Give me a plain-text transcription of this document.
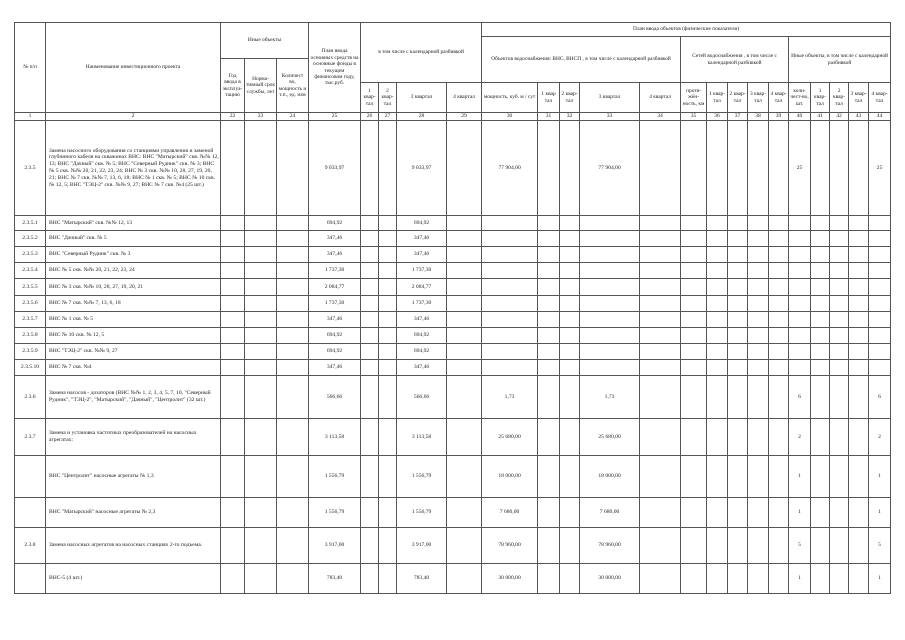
№ п/п	Наименование инвестиционного проекта	Иные объекты			План ввода основных средств на основные фонды в текущем финансовом году, тыс.руб.	в том числе с календарной разбивкой				План ввода объектов (физические показатели)														
										Объектов водоснабжения: ВНС, ВНСП , в том числе с календарной разбивкой					Сетей водоснабжения , в том числе с календарной разбивкой					Иные объекты, в том числе с календарной разбивкой				
		Год ввода в эксплуа-тацию	Норма-тивный срок службы, лет	Количест во, мощность и т.п., ед. изм																				
						1 квар-тал	2 квар-тал	3 квартал	4 квартал	мощность, куб. м / сут	1 квар тал	2 квар-тал	3 квартал	4 квартал	протя-жён-ность, км	1 квар-тал	2 квар-тал	3 квар-тал	4 квар-тал	коли-чест-во, шт.	1 квар-тал	2 квар-тал	3 квар-тал	4 квар-тал
1	2	22	23	24	25	26	27	28	29	30	31	32	33	34	35	36	37	38	39	40	41	42	43	44
2.3.5	Замена насосного оборудования со станциями управления и заменой глубинного кабеля на скважинах ВНС: ВНС "Матырский" скв. №№ 12, 13; ВНС "Дачный" скв. № 5; ВНС "Северный Рудник" скв. № 3; ВНС № 5 скв. №№ 20, 21, 22, 23, 24; ВНС № 3 скв. №№ 10, 28, 27, 19, 20, 21; ВНС № 7 скв. №№ 7, 13, 6, 18; ВНС № 1 скв. № 5; ВНС № 10 скв. № 12, 5; ВНС "ТЭЦ-2" скв. №№ 9, 27; ВНС № 7 скв. №4 (25 шт.)				9 033,97			9 033,97		77 904,00			77 904,00							25				25
2.3.5.1	ВНС "Матырский" скв. №№ 12, 13				694,92			694,92																
2.3.5.2	ВНС "Дачный" скв. № 5				347,46			347,46																
2.3.5.3	ВНС "Северный Рудник" скв. № 3				347,46			347,46																
2.3.5.4	ВНС № 5 скв. №№ 20, 21, 22, 23, 24				1 737,30			1 737,30																
2.3.5.5	ВНС № 3 скв. №№ 10, 28, 27, 19, 20, 21				2 084,77			2 084,77																
2.3.5.6	ВНС № 7 скв. №№ 7, 13, 6, 18				1 737,30			1 737,30																
2.3.5.7	ВНС № 1 скв. № 5				347,46			347,46																
2.3.5.8	ВНС № 10 скв. № 12, 5				694,92			694,92																
2.3.5.9	ВНС "ТЭЦ-2" скв. №№ 9, 27				694,92			694,92																
2.3.5.10	ВНС № 7 скв. №4				347,46			347,46																
2.3.6	Замена насосов - дозаторов (ВНС №№ 1, 2, 3, 4, 5, 7, 10, "Северный Рудник", "ТЭЦ-2", "Матырский", "Дачный", "Центролит" (32 шт.)				566,66			566,66		1,73			1,73							6				6
2.3.7	Замена и установка частотных преобразователей на насосных агрегатах:				3 113,58			3 113,58		25 680,00			25 680,00							2				2
	ВНС "Центролит" насосные агрегаты № 1,3				1 556,79			1 556,79		18 000,00			18 000,00							1				1
	ВНС "Матырский" насосные агрегаты № 2,3				1 556,79			1 556,79		7 680,00			7 680,00							1				1
2.3.8	Замена насосных агрегатов на насосных станциях 2-го подъема.				3 917,00			3 917,00		78 960,00			78 960,00							5				5
	ВНС-5 (4 шт.)				783,40			783,40		30 000,00			30 000,00							1				1
